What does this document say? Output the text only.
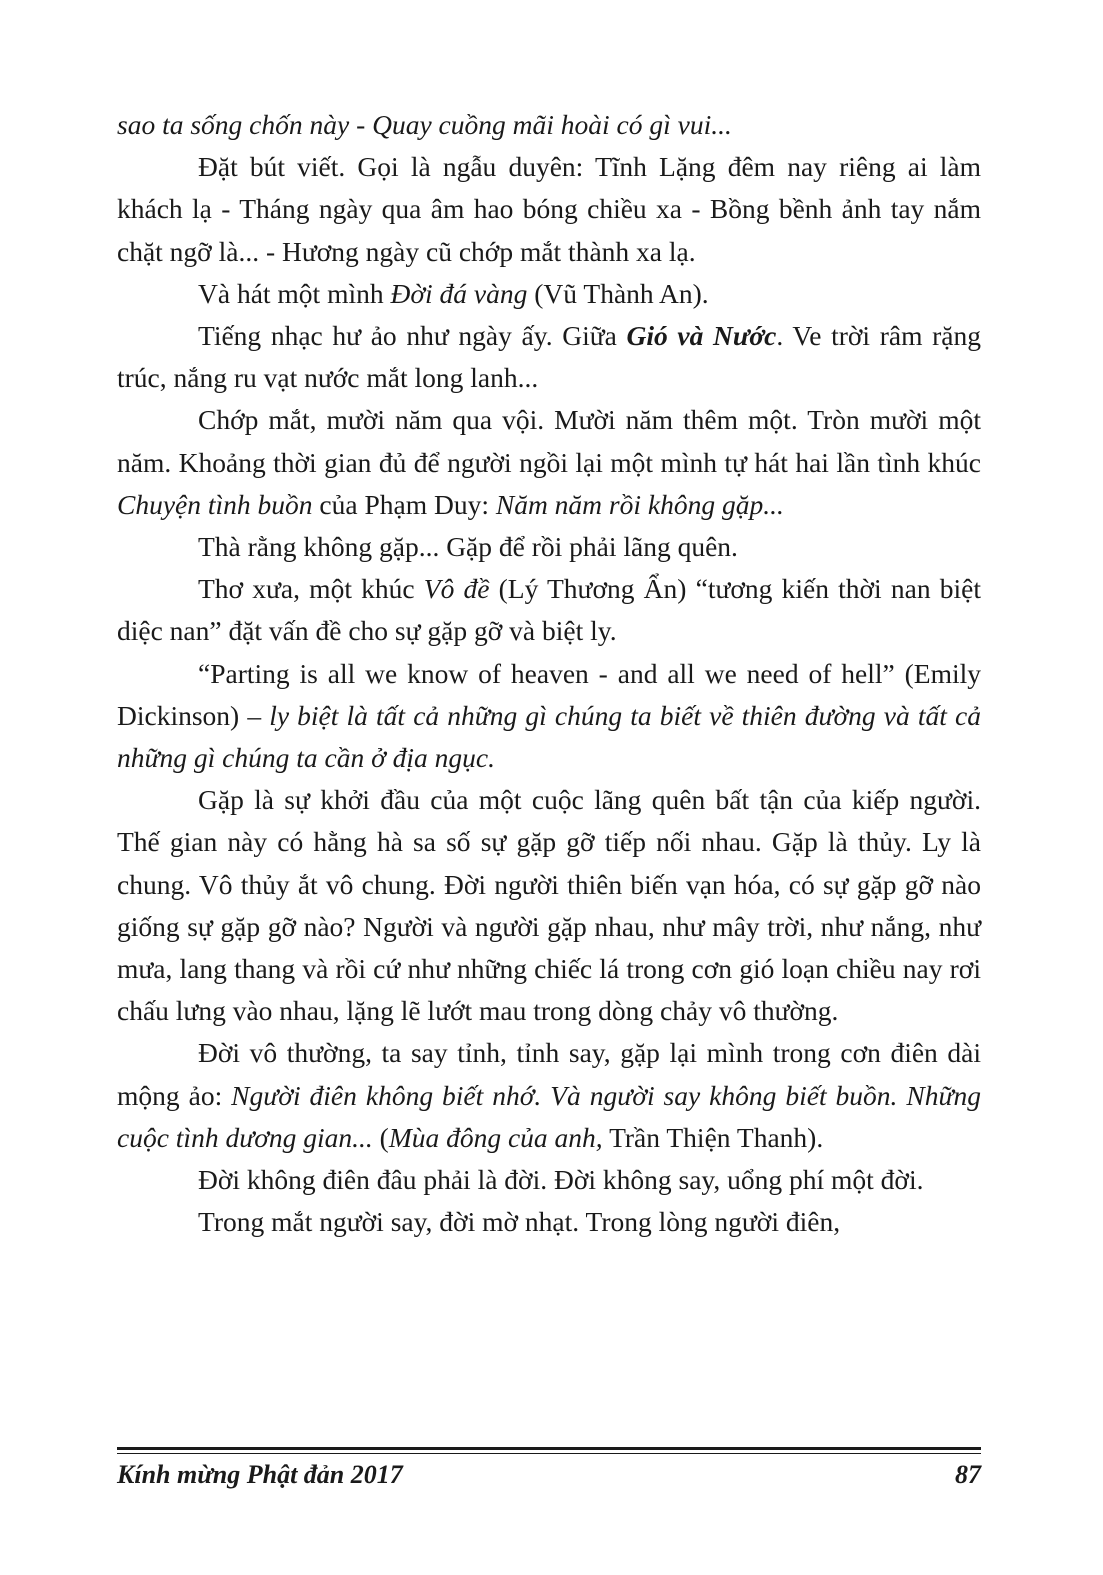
sao ta sống chốn này - Quay cuồng mãi hoài có gì vui...

Đặt bút viết. Gọi là ngẫu duyên: Tĩnh Lặng đêm nay riêng ai làm khách lạ - Tháng ngày qua âm hao bóng chiều xa - Bồng bềnh ảnh tay nắm chặt ngỡ là... - Hương ngày cũ chớp mắt thành xa lạ.

Và hát một mình Đời đá vàng (Vũ Thành An).

Tiếng nhạc hư ảo như ngày ấy. Giữa Gió và Nước. Ve trời râm rặng trúc, nắng ru vạt nước mắt long lanh...

Chớp mắt, mười năm qua vội. Mười năm thêm một. Tròn mười một năm. Khoảng thời gian đủ để người ngồi lại một mình tự hát hai lần tình khúc Chuyện tình buồn của Phạm Duy: Năm năm rồi không gặp...

Thà rằng không gặp... Gặp để rồi phải lãng quên.

Thơ xưa, một khúc Vô đề (Lý Thương Ẩn) “tương kiến thời nan biệt diệc nan” đặt vấn đề cho sự gặp gỡ và biệt ly.

“Parting is all we know of heaven - and all we need of hell” (Emily Dickinson) – ly biệt là tất cả những gì chúng ta biết về thiên đường và tất cả những gì chúng ta cần ở địa ngục.

Gặp là sự khởi đầu của một cuộc lãng quên bất tận của kiếp người. Thế gian này có hằng hà sa số sự gặp gỡ tiếp nối nhau. Gặp là thủy. Ly là chung. Vô thủy ắt vô chung. Đời người thiên biến vạn hóa, có sự gặp gỡ nào giống sự gặp gỡ nào? Người và người gặp nhau, như mây trời, như nắng, như mưa, lang thang và rồi cứ như những chiếc lá trong cơn gió loạn chiều nay rơi chấu lưng vào nhau, lặng lẽ lướt mau trong dòng chảy vô thường.

Đời vô thường, ta say tỉnh, tỉnh say, gặp lại mình trong cơn điên dài mộng ảo: Người điên không biết nhớ. Và người say không biết buồn. Những cuộc tình dương gian... (Mùa đông của anh, Trần Thiện Thanh).

Đời không điên đâu phải là đời. Đời không say, uổng phí một đời.

Trong mắt người say, đời mờ nhạt. Trong lòng người điên,

Kính mừng Phật đản 2017	87
